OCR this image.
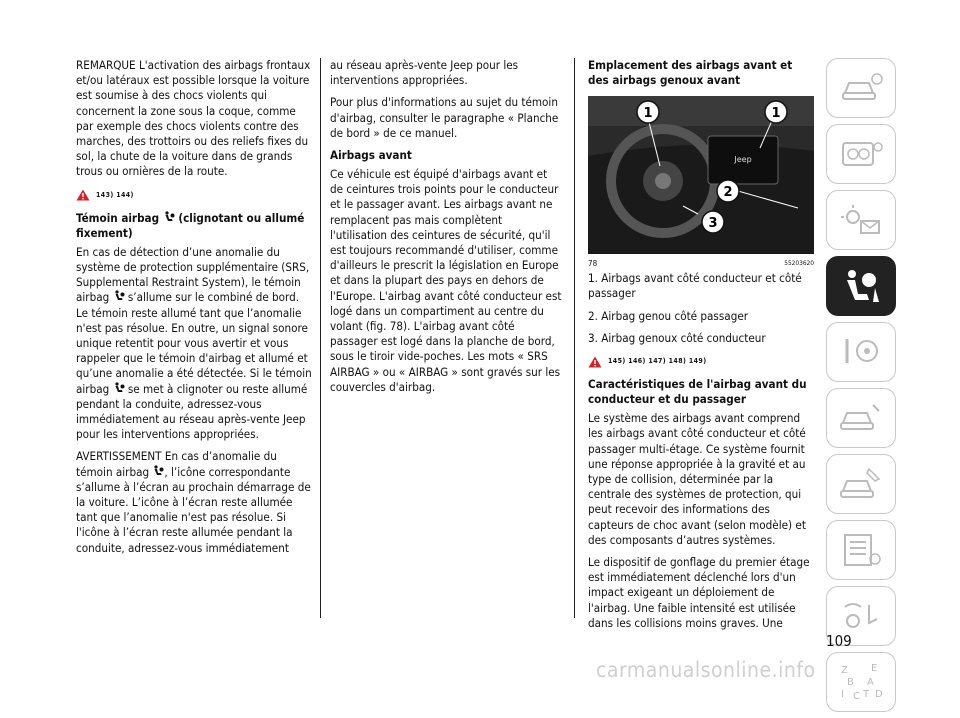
REMARQUE L'activation des airbags frontaux et/ou latéraux est possible lorsque la voiture est soumise à des chocs violents qui concernent la zone sous la coque, comme par exemple des chocs violents contre des marches, des trottoirs ou des reliefs fixes du sol, la chute de la voiture dans de grands trous ou ornières de la route.

143) 144)
Témoin airbag (clignotant ou allumé fixement)

En cas de détection d’une anomalie du système de protection supplémentaire (SRS, Supplemental Restraint System), le témoin airbag s’allume sur le combiné de bord. Le témoin reste allumé tant que l’anomalie n'est pas résolue. En outre, un signal sonore unique retentit pour vous avertir et vous rappeler que le témoin d'airbag et allumé et qu’une anomalie a été détectée. Si le témoin airbag se met à clignoter ou reste allumé pendant la conduite, adressez-vous immédiatement au réseau après-vente Jeep pour les interventions appropriées.

AVERTISSEMENT En cas d’anomalie du témoin airbag , l’icône correspondante s’allume à l’écran au prochain démarrage de la voiture. L’icône à l’écran reste allumée tant que l’anomalie n'est pas résolue. Si l'icône à l’écran reste allumée pendant la conduite, adressez-vous immédiatement

au réseau après-vente Jeep pour les interventions appropriées.

Pour plus d'informations au sujet du témoin d'airbag, consulter le paragraphe « Planche de bord » de ce manuel.

Airbags avant

Ce véhicule est équipé d'airbags avant et de ceintures trois points pour le conducteur et le passager avant. Les airbags avant ne remplacent pas mais complètent l'utilisation des ceintures de sécurité, qu'il est toujours recommandé d'utiliser, comme d'ailleurs le prescrit la législation en Europe et dans la plupart des pays en dehors de l'Europe. L'airbag avant côté conducteur est logé dans un compartiment au centre du volant (fig. 78). L'airbag avant côté passager est logé dans la planche de bord, sous le tiroir vide-poches. Les mots « SRS AIRBAG » ou « AIRBAG » sont gravés sur les couvercles d'airbag.

Emplacement des airbags avant et des airbags genoux avant
Jeep
1	1
2
3
78	55203620

1. Airbags avant côté conducteur et côté passager

2. Airbag genou côté passager

3. Airbag genoux côté conducteur

145) 146) 147) 148) 149)
Caractéristiques de l'airbag avant du conducteur et du passager

Le système des airbags avant comprend les airbags avant côté conducteur et côté passager multi-étage. Ce système fournit une réponse appropriée à la gravité et au type de collision, déterminée par la centrale des systèmes de protection, qui peut recevoir des informations des capteurs de choc avant (selon modèle) et des composants d’autres systèmes.

Le dispositif de gonflage du premier étage est immédiatement déclenché lors d'un impact exigeant un déploiement de l'airbag. Une faible intensité est utilisée dans les collisions moins graves. Une

Z E
B A
I C T D
109
carmanualsonline.info
